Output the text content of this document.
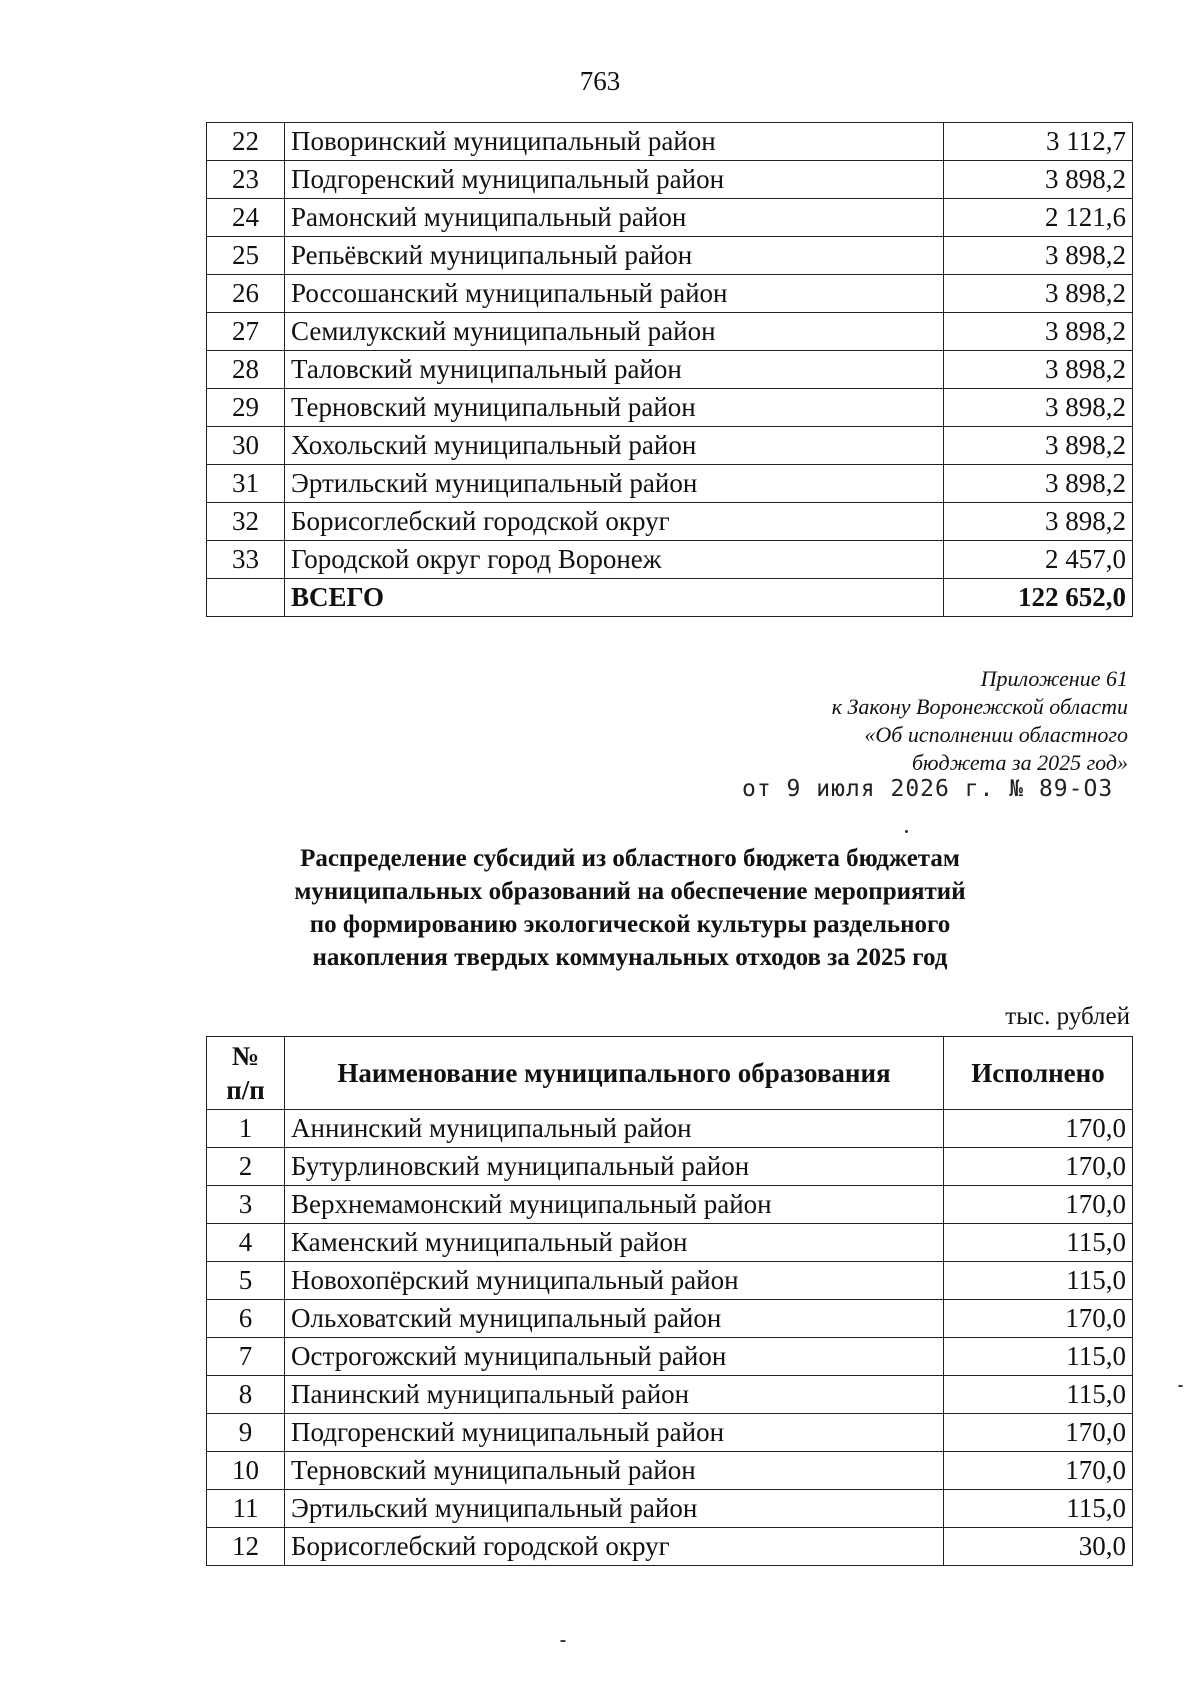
763
22	Поворинский муниципальный район	3 112,7
23	Подгоренский муниципальный район	3 898,2
24	Рамонский муниципальный район	2 121,6
25	Репьёвский муниципальный район	3 898,2
26	Россошанский муниципальный район	3 898,2
27	Семилукский муниципальный район	3 898,2
28	Таловский муниципальный район	3 898,2
29	Терновский муниципальный район	3 898,2
30	Хохольский муниципальный район	3 898,2
31	Эртильский муниципальный район	3 898,2
32	Борисоглебский городской округ	3 898,2
33	Городской округ город Воронеж	2 457,0
	ВСЕГО	122 652,0
Приложение 61
к Закону Воронежской области
«Об исполнении областного
бюджета за 2025 год»
от 9 июля 2026 г. № 89-ОЗ
Распределение субсидий из областного бюджета бюджетам
муниципальных образований на обеспечение мероприятий
по формированию экологической культуры раздельного
накопления твердых коммунальных отходов за 2025 год
тыс. рублей
№
п/п	Наименование муниципального образования	Исполнено
1	Аннинский муниципальный район	170,0
2	Бутурлиновский муниципальный район	170,0
3	Верхнемамонский муниципальный район	170,0
4	Каменский муниципальный район	115,0
5	Новохопёрский муниципальный район	115,0
6	Ольховатский муниципальный район	170,0
7	Острогожский муниципальный район	115,0
8	Панинский муниципальный район	115,0
9	Подгоренский муниципальный район	170,0
10	Терновский муниципальный район	170,0
11	Эртильский муниципальный район	115,0
12	Борисоглебский городской округ	30,0
